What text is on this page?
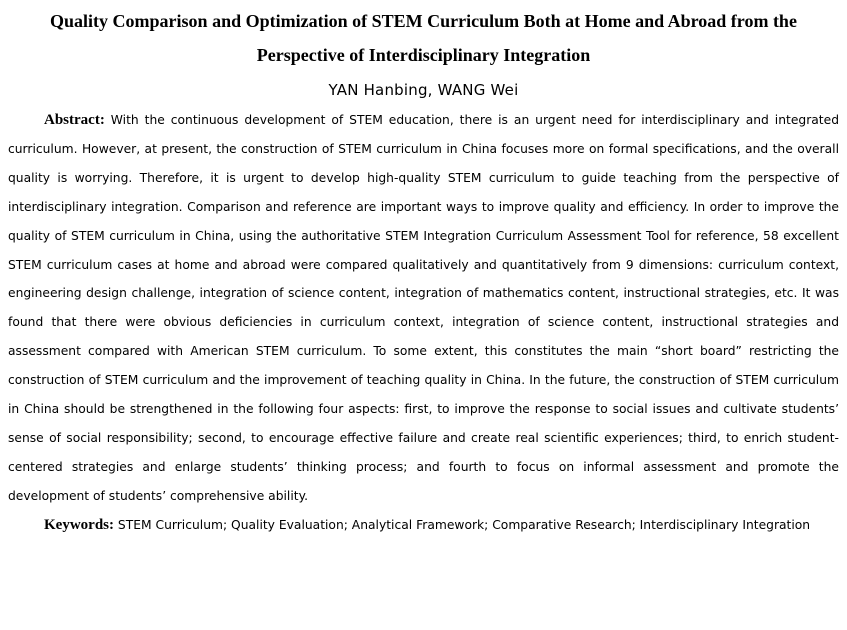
Quality Comparison and Optimization of STEM Curriculum Both at Home and Abroad from the Perspective of Interdisciplinary Integration
YAN Hanbing, WANG Wei

Abstract: With the continuous development of STEM education, there is an urgent need for interdisciplinary and integrated curriculum. However, at present, the construction of STEM curriculum in China focuses more on formal specifications, and the overall quality is worrying. Therefore, it is urgent to develop high-quality STEM curriculum to guide teaching from the perspective of interdisciplinary integration. Comparison and reference are important ways to improve quality and efficiency. In order to improve the quality of STEM curriculum in China, using the authoritative STEM Integration Curriculum Assessment Tool for reference, 58 excellent STEM curriculum cases at home and abroad were compared qualitatively and quantitatively from 9 dimensions: curriculum context, engineering design challenge, integration of science content, integration of mathematics content, instructional strategies, etc. It was found that there were obvious deficiencies in curriculum context, integration of science content, instructional strategies and assessment compared with American STEM curriculum. To some extent, this constitutes the main “short board” restricting the construction of STEM curriculum and the improvement of teaching quality in China. In the future, the construction of STEM curriculum in China should be strengthened in the following four aspects: first, to improve the response to social issues and cultivate students’ sense of social responsibility; second, to encourage effective failure and create real scientific experiences; third, to enrich student-centered strategies and enlarge students’ thinking process; and fourth to focus on informal assessment and promote the development of students’ comprehensive ability.

Keywords: STEM Curriculum; Quality Evaluation; Analytical Framework; Comparative Research; Interdisciplinary Integration
